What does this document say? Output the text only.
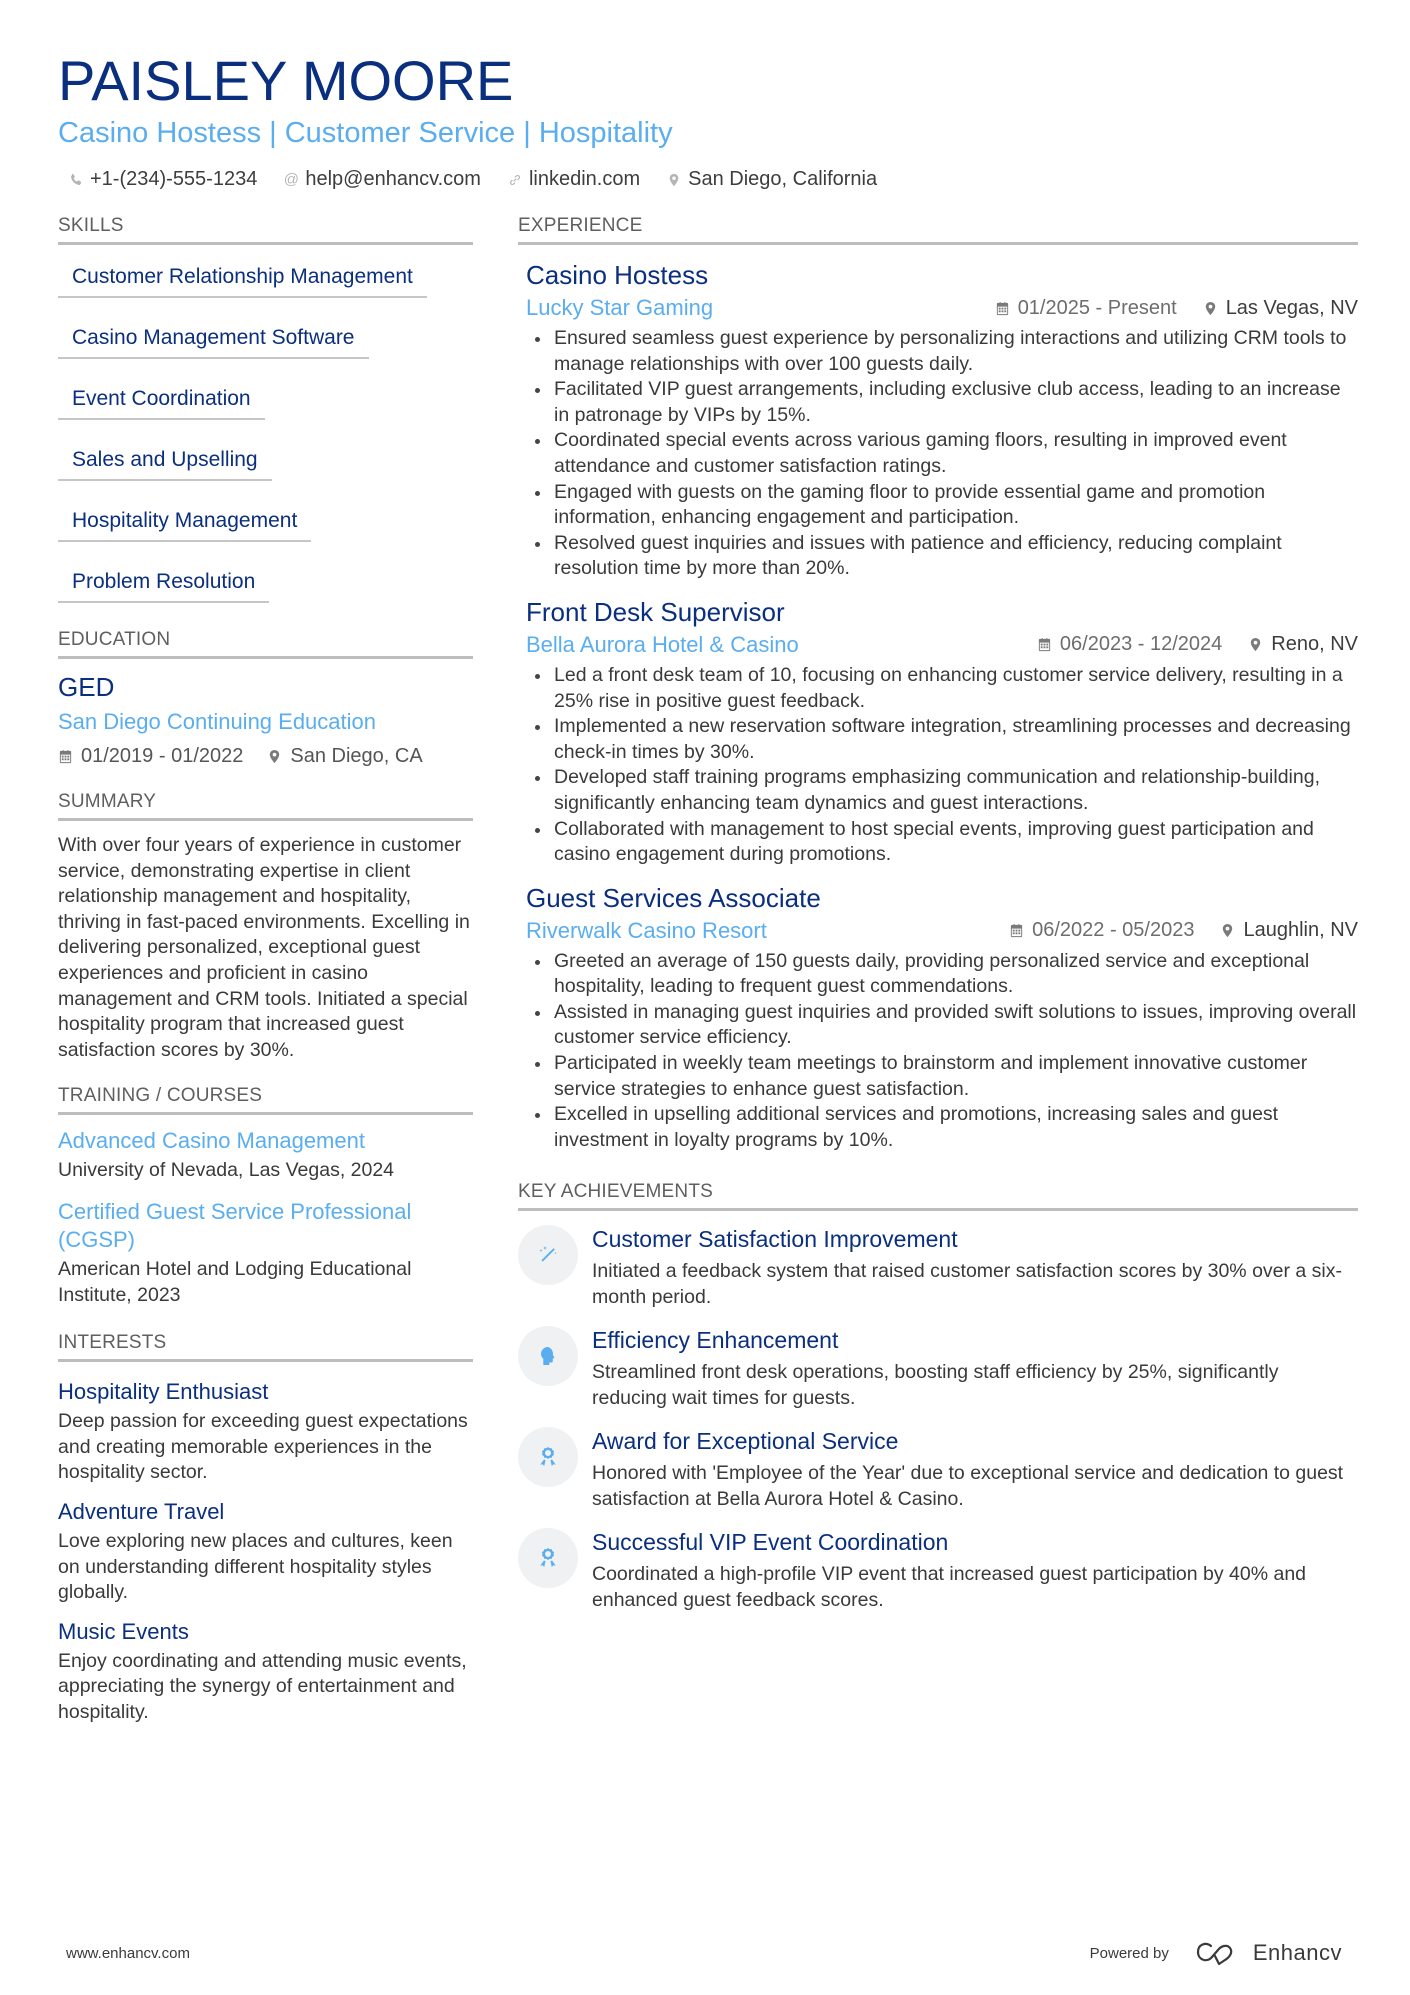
PAISLEY MOORE
Casino Hostess | Customer Service | Hospitality
+1-(234)-555-1234 @ help@enhancv.com linkedin.com San Diego, California
SKILLS
Customer Relationship Management
Casino Management Software
Event Coordination
Sales and Upselling
Hospitality Management
Problem Resolution
EDUCATION
GED
San Diego Continuing Education
01/2019 - 01/2022 San Diego, CA
SUMMARY
With over four years of experience in customer service, demonstrating expertise in client relationship management and hospitality, thriving in fast-paced environments. Excelling in delivering personalized, exceptional guest experiences and proficient in casino management and CRM tools. Initiated a special hospitality program that increased guest satisfaction scores by 30%.
TRAINING / COURSES
Advanced Casino Management
University of Nevada, Las Vegas, 2024
Certified Guest Service Professional (CGSP)
American Hotel and Lodging Educational Institute, 2023
INTERESTS
Hospitality Enthusiast
Deep passion for exceeding guest expectations and creating memorable experiences in the hospitality sector.
Adventure Travel
Love exploring new places and cultures, keen on understanding different hospitality styles globally.
Music Events
Enjoy coordinating and attending music events, appreciating the synergy of entertainment and hospitality.
EXPERIENCE
Casino Hostess
Lucky Star Gaming	01/2025 - Present Las Vegas, NV
Ensured seamless guest experience by personalizing interactions and utilizing CRM tools to manage relationships with over 100 guests daily.
Facilitated VIP guest arrangements, including exclusive club access, leading to an increase in patronage by VIPs by 15%.
Coordinated special events across various gaming floors, resulting in improved event attendance and customer satisfaction ratings.
Engaged with guests on the gaming floor to provide essential game and promotion information, enhancing engagement and participation.
Resolved guest inquiries and issues with patience and efficiency, reducing complaint resolution time by more than 20%.
Front Desk Supervisor
Bella Aurora Hotel & Casino	06/2023 - 12/2024 Reno, NV
Led a front desk team of 10, focusing on enhancing customer service delivery, resulting in a 25% rise in positive guest feedback.
Implemented a new reservation software integration, streamlining processes and decreasing check-in times by 30%.
Developed staff training programs emphasizing communication and relationship-building, significantly enhancing team dynamics and guest interactions.
Collaborated with management to host special events, improving guest participation and casino engagement during promotions.
Guest Services Associate
Riverwalk Casino Resort	06/2022 - 05/2023 Laughlin, NV
Greeted an average of 150 guests daily, providing personalized service and exceptional hospitality, leading to frequent guest commendations.
Assisted in managing guest inquiries and provided swift solutions to issues, improving overall customer service efficiency.
Participated in weekly team meetings to brainstorm and implement innovative customer service strategies to enhance guest satisfaction.
Excelled in upselling additional services and promotions, increasing sales and guest investment in loyalty programs by 10%.
KEY ACHIEVEMENTS
Customer Satisfaction Improvement
Initiated a feedback system that raised customer satisfaction scores by 30% over a six-month period.
Efficiency Enhancement
Streamlined front desk operations, boosting staff efficiency by 25%, significantly reducing wait times for guests.
Award for Exceptional Service
Honored with 'Employee of the Year' due to exceptional service and dedication to guest satisfaction at Bella Aurora Hotel & Casino.
Successful VIP Event Coordination
Coordinated a high-profile VIP event that increased guest participation by 40% and enhanced guest feedback scores.
www.enhancv.com	Powered by	Enhancv
